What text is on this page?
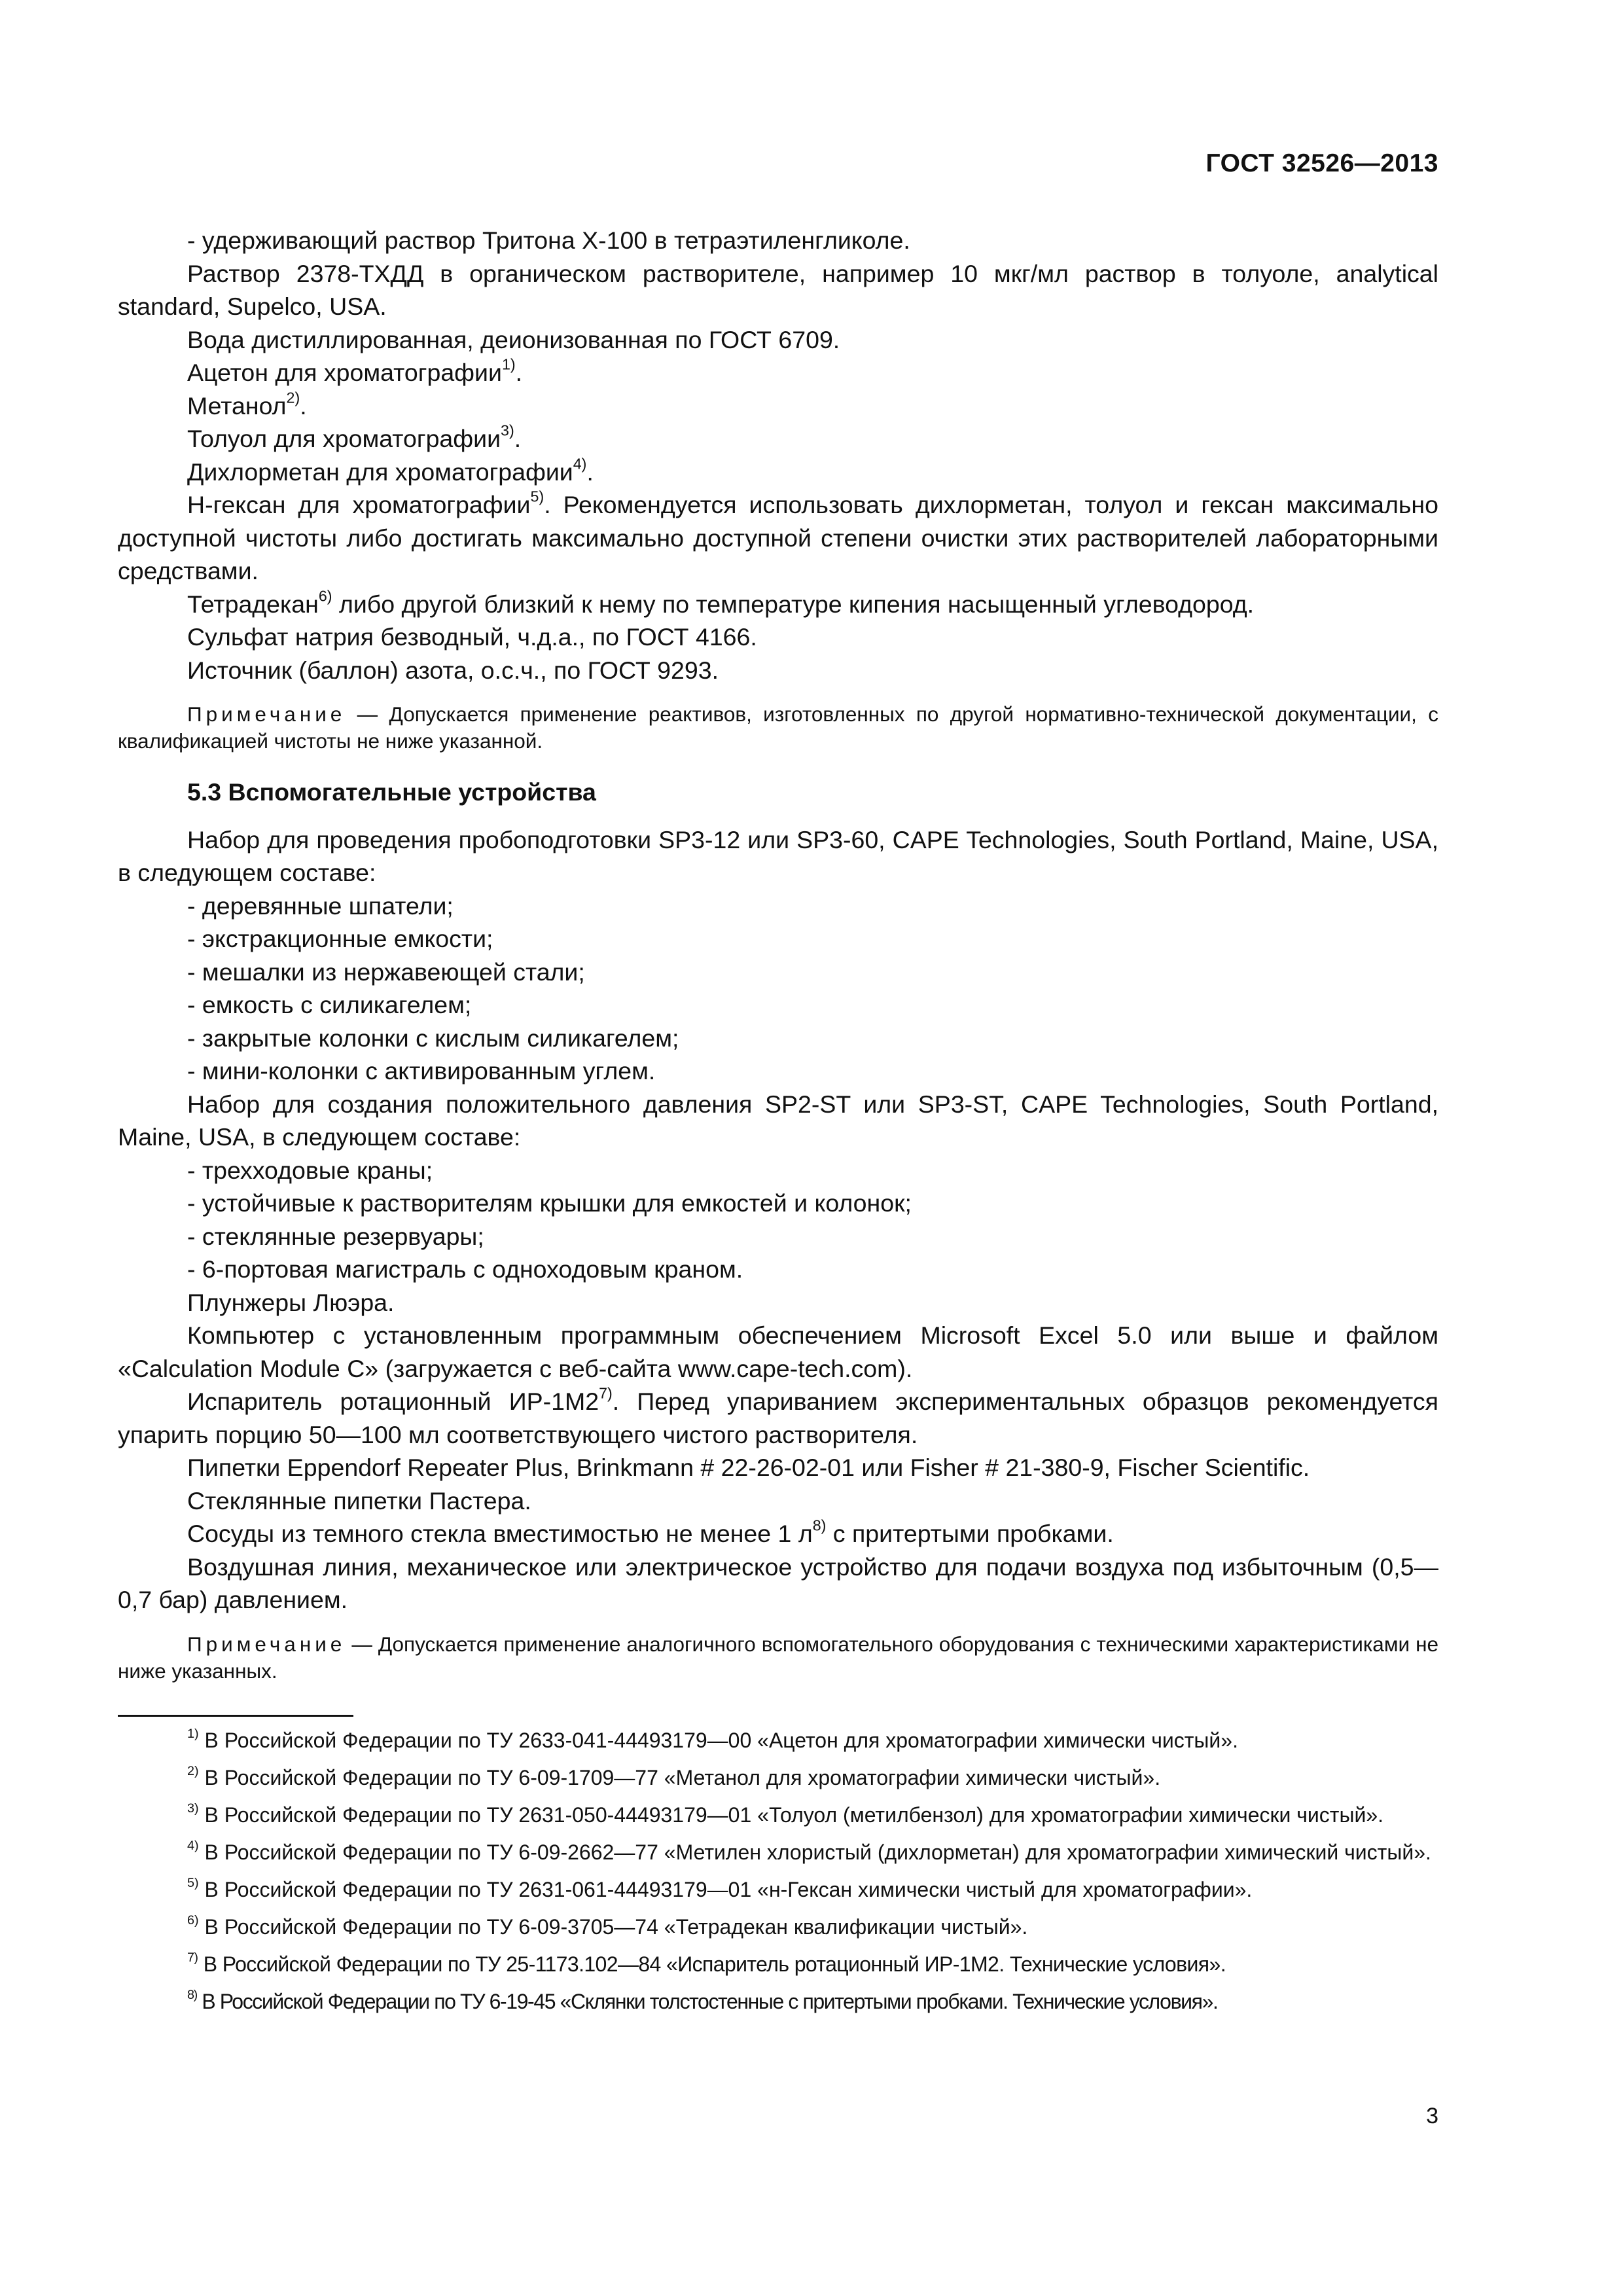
ГОСТ 32526—2013

- удерживающий раствор Тритона Х-100 в тетраэтиленгликоле.

Раствор 2378-ТХДД в органическом растворителе, например 10 мкг/мл раствор в толуоле, analytical standard, Supelco, USA.

Вода дистиллированная, деионизованная по ГОСТ 6709.

Ацетон для хроматографии$^{1)}$.

Метанол$^{2)}$.

Толуол для хроматографии$^{3)}$.

Дихлорметан для хроматографии$^{4)}$.

Н-гексан для хроматографии$^{5)}$. Рекомендуется использовать дихлорметан, толуол и гексан максимально доступной чистоты либо достигать максимально доступной степени очистки этих растворителей лабораторными средствами.

Тетрадекан$^{6)}$ либо другой близкий к нему по температуре кипения насыщенный углеводород.

Сульфат натрия безводный, ч.д.а., по ГОСТ 4166.

Источник (баллон) азота, о.с.ч., по ГОСТ 9293.

Примечание — Допускается применение реактивов, изготовленных по другой нормативно-технической документации, с квалификацией чистоты не ниже указанной.

5.3 Вспомогательные устройства

Набор для проведения пробоподготовки SP3-12 или SP3-60, CAPE Technologies, South Portland, Maine, USA, в следующем составе:

- деревянные шпатели;

- экстракционные емкости;

- мешалки из нержавеющей стали;

- емкость с силикагелем;

- закрытые колонки с кислым силикагелем;

- мини-колонки с активированным углем.

Набор для создания положительного давления SP2-ST или SP3-ST, CAPE Technologies, South Portland, Maine, USA, в следующем составе:

- трехходовые краны;

- устойчивые к растворителям крышки для емкостей и колонок;

- стеклянные резервуары;

- 6-портовая магистраль с одноходовым краном.

Плунжеры Люэра.

Компьютер с установленным программным обеспечением Microsoft Excel 5.0 или выше и файлом «Calculation Module C» (загружается с веб-сайта www.cape-tech.com).

Испаритель ротационный ИР-1М2$^{7)}$. Перед упариванием экспериментальных образцов рекомендуется упарить порцию 50—100 мл соответствующего чистого растворителя.

Пипетки Eppendorf Repeater Plus, Brinkmann # 22-26-02-01 или Fisher # 21-380-9, Fischer Scientific.

Стеклянные пипетки Пастера.

Сосуды из темного стекла вместимостью не менее 1 $л^{8)}$ с притертыми пробками.

Воздушная линия, механическое или электрическое устройство для подачи воздуха под избыточным (0,5—0,7 бар) давлением.

Примечание — Допускается применение аналогичного вспомогательного оборудования с техническими характеристиками не ниже указанных.

$^{1)}$ В Российской Федерации по ТУ 2633-041-44493179—00 «Ацетон для хроматографии химически чистый».

$^{2)}$ В Российской Федерации по ТУ 6-09-1709—77 «Метанол для хроматографии химически чистый».

$^{3)}$ В Российской Федерации по ТУ 2631-050-44493179—01 «Толуол (метилбензол) для хроматографии химически чистый».

$^{4)}$ В Российской Федерации по ТУ 6-09-2662—77 «Метилен хлористый (дихлорметан) для хроматографии химический чистый».

$^{5)}$ В Российской Федерации по ТУ 2631-061-44493179—01 «н-Гексан химически чистый для хроматографии».

$^{6)}$ В Российской Федерации по ТУ 6-09-3705—74 «Тетрадекан квалификации чистый».

$^{7)}$ В Российской Федерации по ТУ 25-1173.102—84 «Испаритель ротационный ИР-1М2. Технические условия».

$^{8)}$ В Российской Федерации по ТУ 6-19-45 «Склянки толстостенные с притертыми пробками. Технические условия».

3
